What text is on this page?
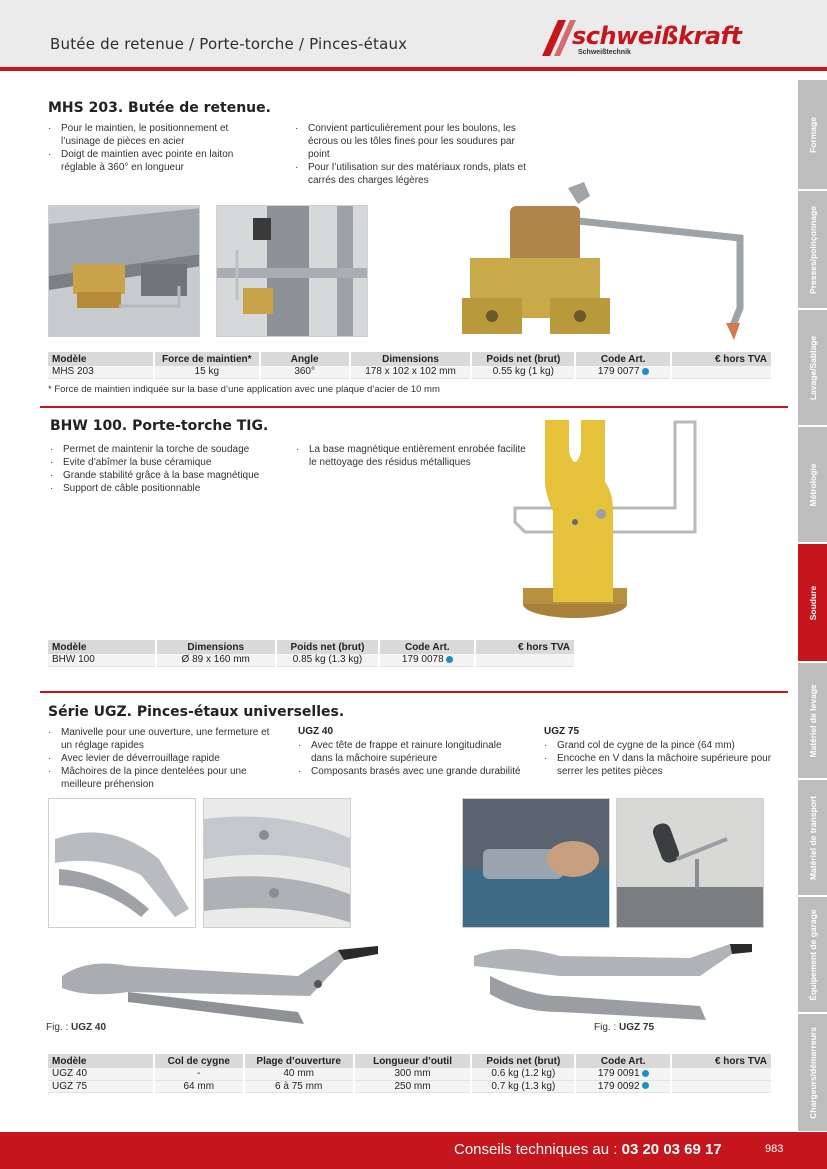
Butée de retenue / Porte-torche / Pinces-étaux	schweißkraft
Schweißtechnik
Formage
Presses/poinçonnage
Lavage/Sablage
Métrologie
Soudure
Matériel de levage
Matériel de transport
Équipement de garage
Chargeurs/démarreurs
MHS 203. Butée de retenue.
· Pour le maintien, le positionnement et l’usinage de pièces en acier
· Doigt de maintien avec pointe en laiton réglable à 360° en longueur
· Convient particulièrement pour les boulons, les écrous ou les tôles fines pour les soudures par point
· Pour l’utilisation sur des matériaux ronds, plats et carrés des charges légères
Modèle	Force de maintien*	Angle	Dimensions	Poids net (brut)	Code Art.	€ hors TVA
MHS 203	15 kg	360°	178 x 102 x 102 mm	0.55 kg (1 kg)	179 0077	
* Force de maintien indiquée sur la base d’une application avec une plaque d’acier de 10 mm
BHW 100. Porte-torche TIG.
· Permet de maintenir la torche de soudage
· Evite d’abîmer la buse céramique
· Grande stabilité grâce à la base magnétique
· Support de câble positionnable
· La base magnétique entièrement enrobée facilite le nettoyage des résidus métalliques
Modèle	Dimensions	Poids net (brut)	Code Art.	€ hors TVA
BHW 100	Ø 89 x 160 mm	0.85 kg (1.3 kg)	179 0078	
Série UGZ. Pinces-étaux universelles.
· Manivelle pour une ouverture, une fermeture et un réglage rapides
· Avec levier de déverrouillage rapide
· Mâchoires de la pince dentelées pour une meilleure préhension
UGZ 40
· Avec tête de frappe et rainure longitudinale dans la mâchoire supérieure
· Composants brasés avec une grande durabilité
UGZ 75
· Grand col de cygne de la pince (64 mm)
· Encoche en V dans la mâchoire supérieure pour serrer les petites pièces
Fig. : UGZ 40	Fig. : UGZ 75
Modèle	Col de cygne	Plage d’ouverture	Longueur d’outil	Poids net (brut)	Code Art.	€ hors TVA
UGZ 40	-	40 mm	300 mm	0.6 kg (1.2 kg)	179 0091	
UGZ 75	64 mm	6 à 75 mm	250 mm	0.7 kg (1.3 kg)	179 0092	
Conseils techniques au : 03 20 03 69 17	983
